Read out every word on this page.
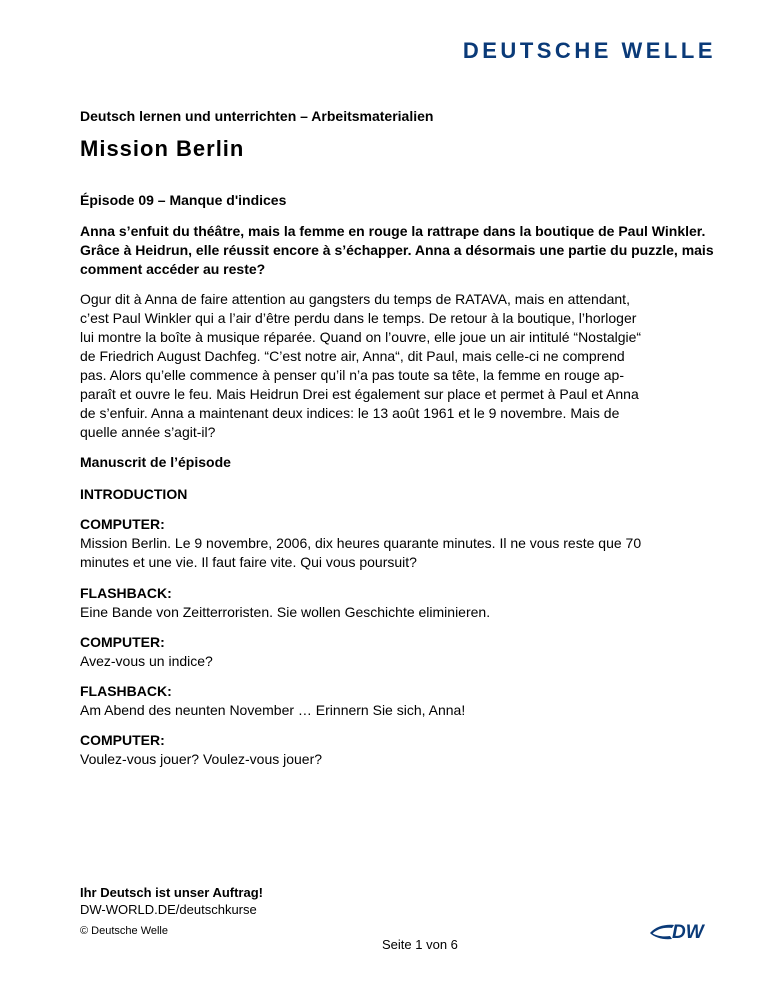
DEUTSCHE WELLE
Deutsch lernen und unterrichten – Arbeitsmaterialien
Mission Berlin
Épisode 09 – Manque d'indices

Anna s’enfuit du théâtre, mais la femme en rouge la rattrape dans la boutique de Paul Winkler. Grâce à Heidrun, elle réussit encore à s’échapper. Anna a désormais une partie du puzzle, mais comment accéder au reste?

Ogur dit à Anna de faire attention au gangsters du temps de RATAVA, mais en attendant,
c’est Paul Winkler qui a l’air d’être perdu dans le temps. De retour à la boutique, l’horloger
lui montre la boîte à musique réparée. Quand on l’ouvre, elle joue un air intitulé “Nostalgie“
de Friedrich August Dachfeg. “C’est notre air, Anna“, dit Paul, mais celle-ci ne comprend
pas. Alors qu’elle commence à penser qu’il n’a pas toute sa tête, la femme en rouge ap-
paraît et ouvre le feu. Mais Heidrun Drei est également sur place et permet à Paul et Anna
de s’enfuir. Anna a maintenant deux indices: le 13 août 1961 et le 9 novembre. Mais de
quelle année s’agit-il?

Manuscrit de l’épisode
INTRODUCTION
COMPUTER:
Mission Berlin. Le 9 novembre, 2006, dix heures quarante minutes. Il ne vous reste que 70
minutes et une vie. Il faut faire vite. Qui vous poursuit?
FLASHBACK:
Eine Bande von Zeitterroristen. Sie wollen Geschichte eliminieren.
COMPUTER:
Avez-vous un indice?
FLASHBACK:
Am Abend des neunten November … Erinnern Sie sich, Anna!
COMPUTER:
Voulez-vous jouer? Voulez-vous jouer?
Ihr Deutsch ist unser Auftrag!
DW-WORLD.DE/deutschkurse
© Deutsche Welle
Seite 1 von 6
DW
